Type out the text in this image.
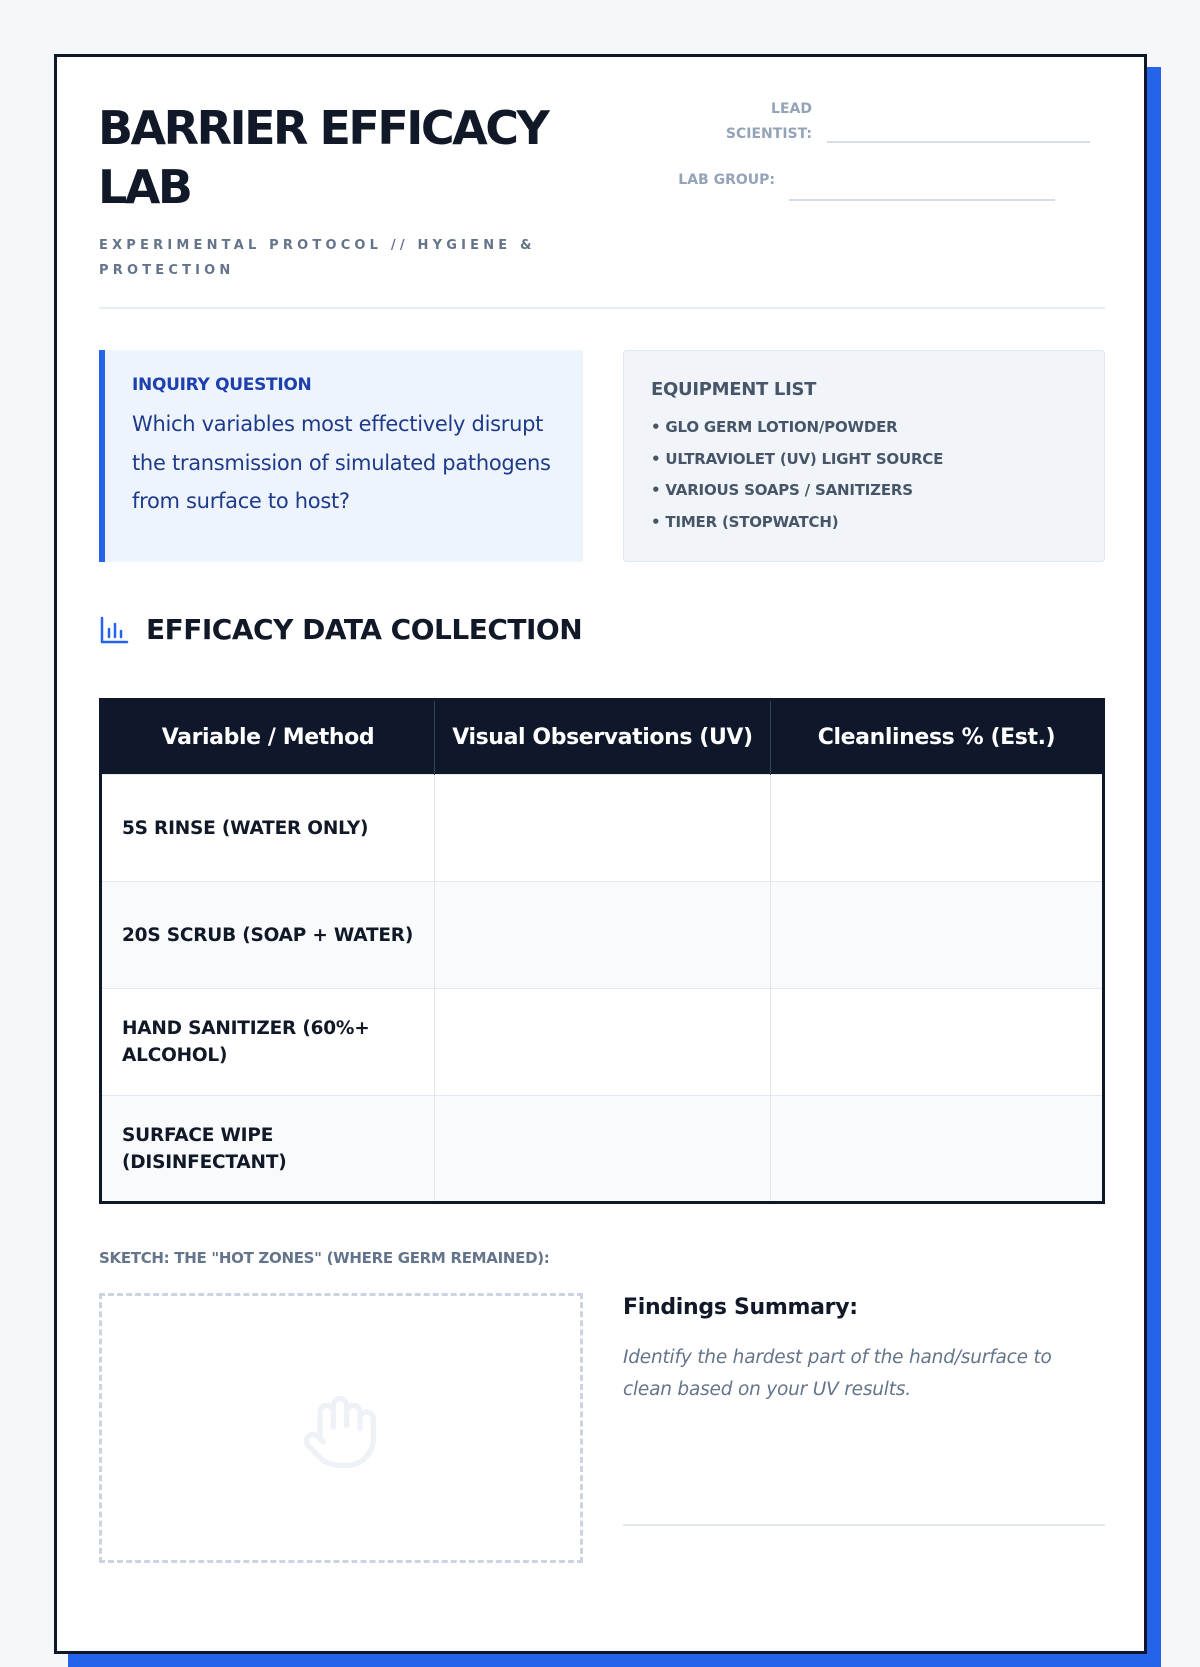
BARRIER EFFICACY LAB
EXPERIMENTAL PROTOCOL // HYGIENE & PROTECTION
LEAD SCIENTIST:
LAB GROUP:
INQUIRY QUESTION
Which variables most effectively disrupt the transmission of simulated pathogens from surface to host?
EQUIPMENT LIST
• GLO GERM LOTION/POWDER
• ULTRAVIOLET (UV) LIGHT SOURCE
• VARIOUS SOAPS / SANITIZERS
• TIMER (STOPWATCH)
EFFICACY DATA COLLECTION
Variable / Method	Visual Observations (UV)	Cleanliness % (Est.)
5S RINSE (WATER ONLY)		
20S SCRUB (SOAP + WATER)		
HAND SANITIZER (60%+ ALCOHOL)		
SURFACE WIPE (DISINFECTANT)		
SKETCH: THE "HOT ZONES" (WHERE GERM REMAINED):
Findings Summary:
Identify the hardest part of the hand/surface to clean based on your UV results.
